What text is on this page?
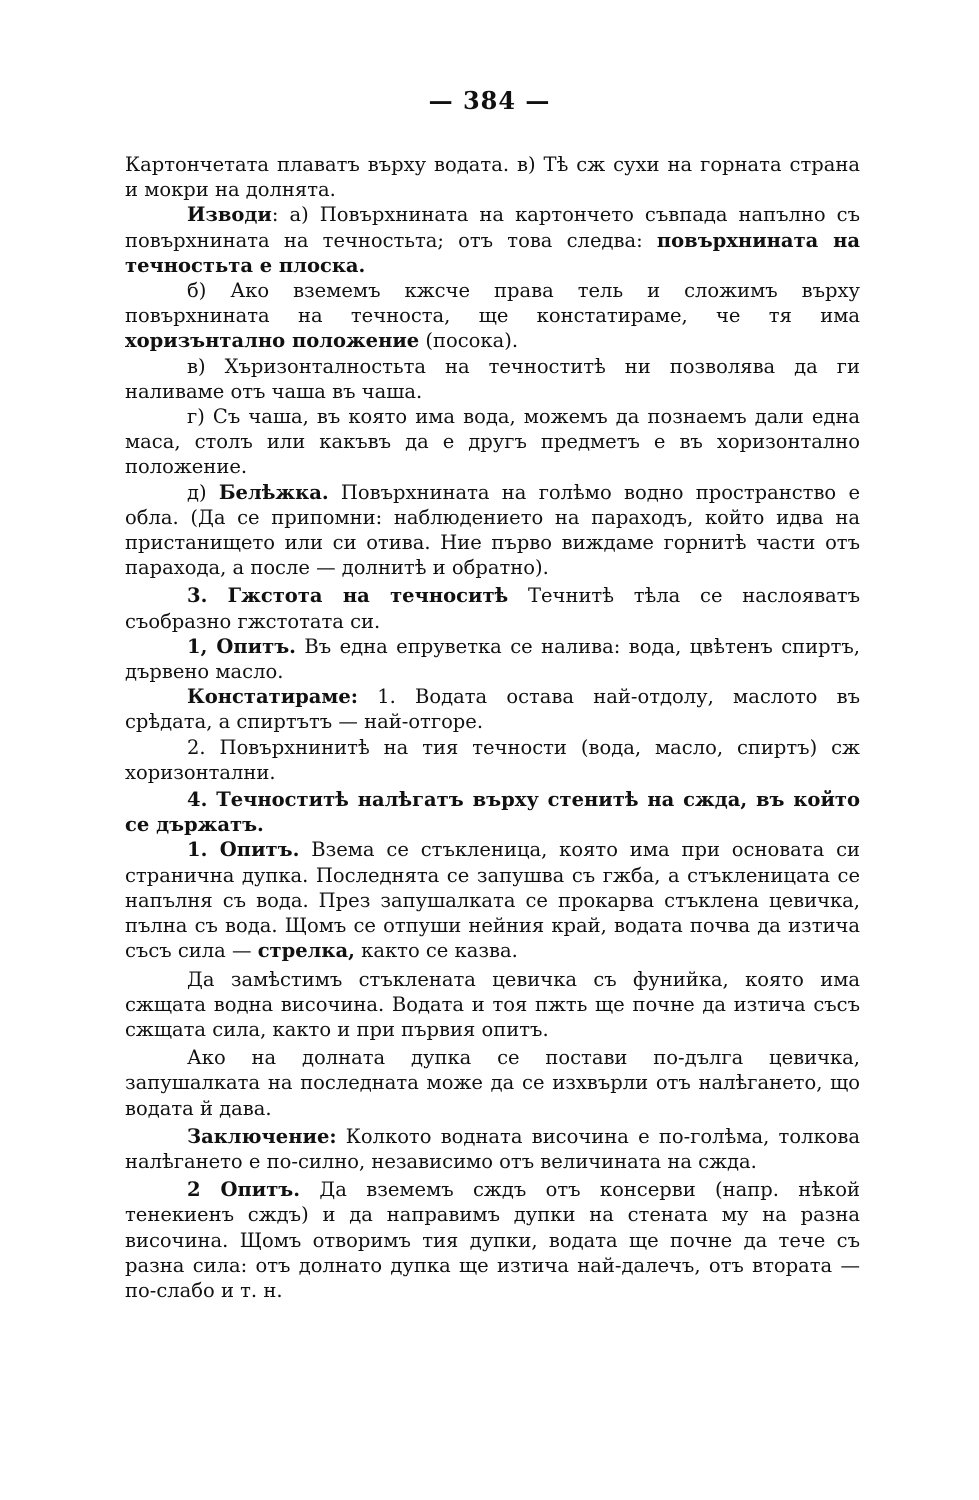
— 384 —

Картончетата плаватъ върху водата. в) Тѣ сж сухи на горната страна и мокри на долнята.

Изводи: а) Повърхнината на картончето съвпада напълно съ повърхнината на течностьта; отъ това следва: повърхнината на течностьта е плоска.

б) Ако вземемъ кжсче права тель и сложимъ върху повърхнината на течноста, ще констатираме, че тя има хоризънтално положение (посока).

в) Хъризонталностьта на течноститѣ ни позволява да ги наливаме отъ чаша въ чаша.

г) Съ чаша, въ която има вода, можемъ да познаемъ дали една маса, столъ или какъвъ да е другъ предметъ е въ хоризонтално положение.

д) Белѣжка. Повърхнината на голѣмо водно пространство е обла. (Да се припомни: наблюдението на параходъ, който идва на пристанището или си отива. Ние първо виждаме горнитѣ части отъ парахода, а после — долнитѣ и обратно).

3. Гжстота на течноситѣ Течнитѣ тѣла се наслояватъ съобразно гжстотата си.

1, Опитъ. Въ една епруветка се налива: вода, цвѣтенъ спиртъ, дървено масло.

Констатираме: 1. Водата остава най-отдолу, маслото въ срѣдата, а спиртътъ — най-отгоре.

2. Повърхнинитѣ на тия течности (вода, масло, спиртъ) сж хоризонтални.

4. Течноститѣ налѣгатъ върху стенитѣ на сжда, въ който се държатъ.

1. Опитъ. Взема се стъкленица, която има при основата си странична дупка. Последнята се запушва съ гжба, а стъкленицата се напълня съ вода. През запушалката се прокарва стъклена цевичка, пълна съ вода. Щомъ се отпуши нейния край, водата почва да изтича съсъ сила — стрелка, както се казва.

Да замѣстимъ стъклената цевичка съ фунийка, която има сжщата водна височина. Водата и тоя пжть ще почне да изтича съсъ сжщата сила, както и при първия опитъ.

Ако на долната дупка се постави по-дълга цевичка, запушалката на последната може да се изхвърли отъ налѣгането, що водата й дава.

Заключение: Колкото водната височина е по-голѣма, толкова налѣгането е по-силно, независимо отъ величината на сжда.

2 Опитъ. Да вземемъ сждъ отъ консерви (напр. нѣкой тенекиенъ сждъ) и да направимъ дупки на стената му на разна височина. Щомъ отворимъ тия дупки, водата ще почне да тече съ разна сила: отъ долнато дупка ще изтича най-далечъ, отъ втората — по-слабо и т. н.
